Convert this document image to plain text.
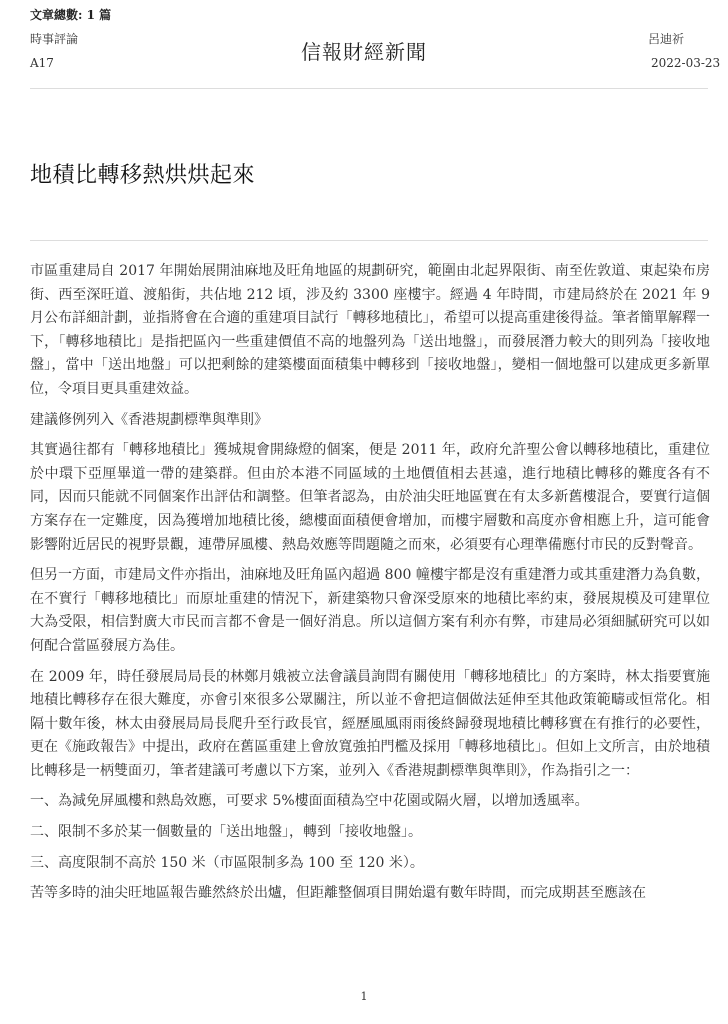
文章總數: 1 篇
時事評論
A17	信報財經新聞
呂迪祈
2022-03-23
地積比轉移熱烘烘起來

市區重建局自 2017 年開始展開油麻地及旺角地區的規劃研究，範圍由北起界限街、南至佐敦道、東起染布房街、西至深旺道、渡船街，共佔地 212 頃，涉及約 3300 座樓宇。經過 4 年時間，市建局終於在 2021 年 9 月公布詳細計劃，並指將會在合適的重建項目試行「轉移地積比」，希望可以提高重建後得益。筆者簡單解釋一下，「轉移地積比」是指把區內一些重建價值不高的地盤列為「送出地盤」，而發展潛力較大的則列為「接收地盤」，當中「送出地盤」可以把剩餘的建築樓面面積集中轉移到「接收地盤」，變相一個地盤可以建成更多新單位，令項目更具重建效益。

建議修例列入《香港規劃標準與準則》

其實過往都有「轉移地積比」獲城規會開綠燈的個案，便是 2011 年，政府允許聖公會以轉移地積比，重建位於中環下亞厘畢道一帶的建築群。但由於本港不同區域的土地價值相去甚遠，進行地積比轉移的難度各有不同，因而只能就不同個案作出評估和調整。但筆者認為，由於油尖旺地區實在有太多新舊樓混合，要實行這個方案存在一定難度，因為獲增加地積比後，總樓面面積便會增加，而樓宇層數和高度亦會相應上升，這可能會影響附近居民的視野景觀，連帶屏風樓、熱島效應等問題隨之而來，必須要有心理準備應付市民的反對聲音。

但另一方面，市建局文件亦指出，油麻地及旺角區內超過 800 幢樓宇都是沒有重建潛力或其重建潛力為負數，在不實行「轉移地積比」而原址重建的情況下，新建築物只會深受原來的地積比率約束，發展規模及可建單位大為受限，相信對廣大市民而言都不會是一個好消息。所以這個方案有利亦有弊，市建局必須細膩研究可以如何配合當區發展方為佳。

在 2009 年，時任發展局局長的林鄭月娥被立法會議員詢問有關使用「轉移地積比」的方案時，林太指要實施地積比轉移存在很大難度，亦會引來很多公眾關注，所以並不會把這個做法延伸至其他政策範疇或恒常化。相隔十數年後，林太由發展局局長爬升至行政長官，經歷風風雨雨後終歸發現地積比轉移實在有推行的必要性，更在《施政報告》中提出，政府在舊區重建上會放寬強拍門檻及採用「轉移地積比」。但如上文所言，由於地積比轉移是一柄雙面刃，筆者建議可考慮以下方案，並列入《香港規劃標準與準則》，作為指引之一：

一、為減免屏風樓和熱島效應，可要求 5%樓面面積為空中花園或隔火層，以增加透風率。

二、限制不多於某一個數量的「送出地盤」，轉到「接收地盤」。

三、高度限制不高於 150 米（市區限制多為 100 至 120 米）。

苦等多時的油尖旺地區報告雖然終於出爐，但距離整個項目開始還有數年時間，而完成期甚至應該在

1
